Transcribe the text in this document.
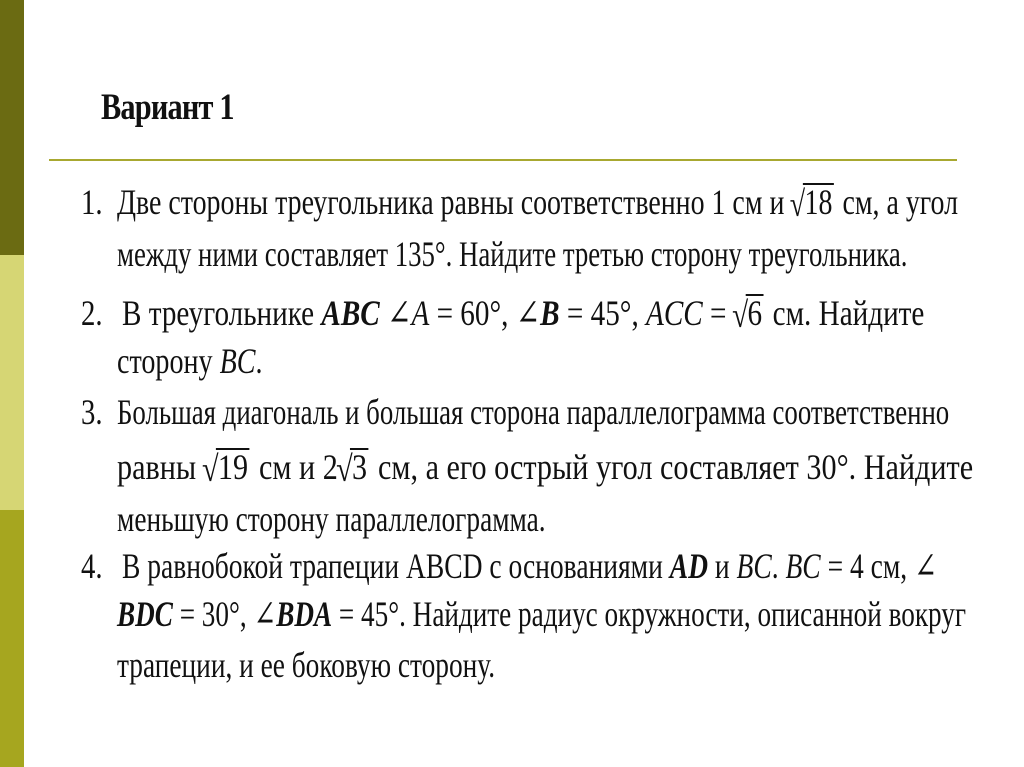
Вариант 1
1. Две стороны треугольника равны соответственно 1 см и
√ 18 см, а угол
между ними составляет 135°. Найдите третью сторону треугольника.
2. В треугольнике ABC ∠A = 60°, ∠B = 45°, ACC =
√ 6 см. Найдите
сторону BC.
3. Большая диагональ и большая сторона параллелограмма соответственно
равны
√ 19 см и 2
√ 3 см, а его острый угол составляет 30°. Найдите
меньшую сторону параллелограмма.
4. В равнобокой трапеции ABCD с основаниями AD и BC. BC = 4 см, ∠
BDC = 30°, ∠BDA = 45°. Найдите радиус окружности, описанной вокруг
трапеции, и ее боковую сторону.
